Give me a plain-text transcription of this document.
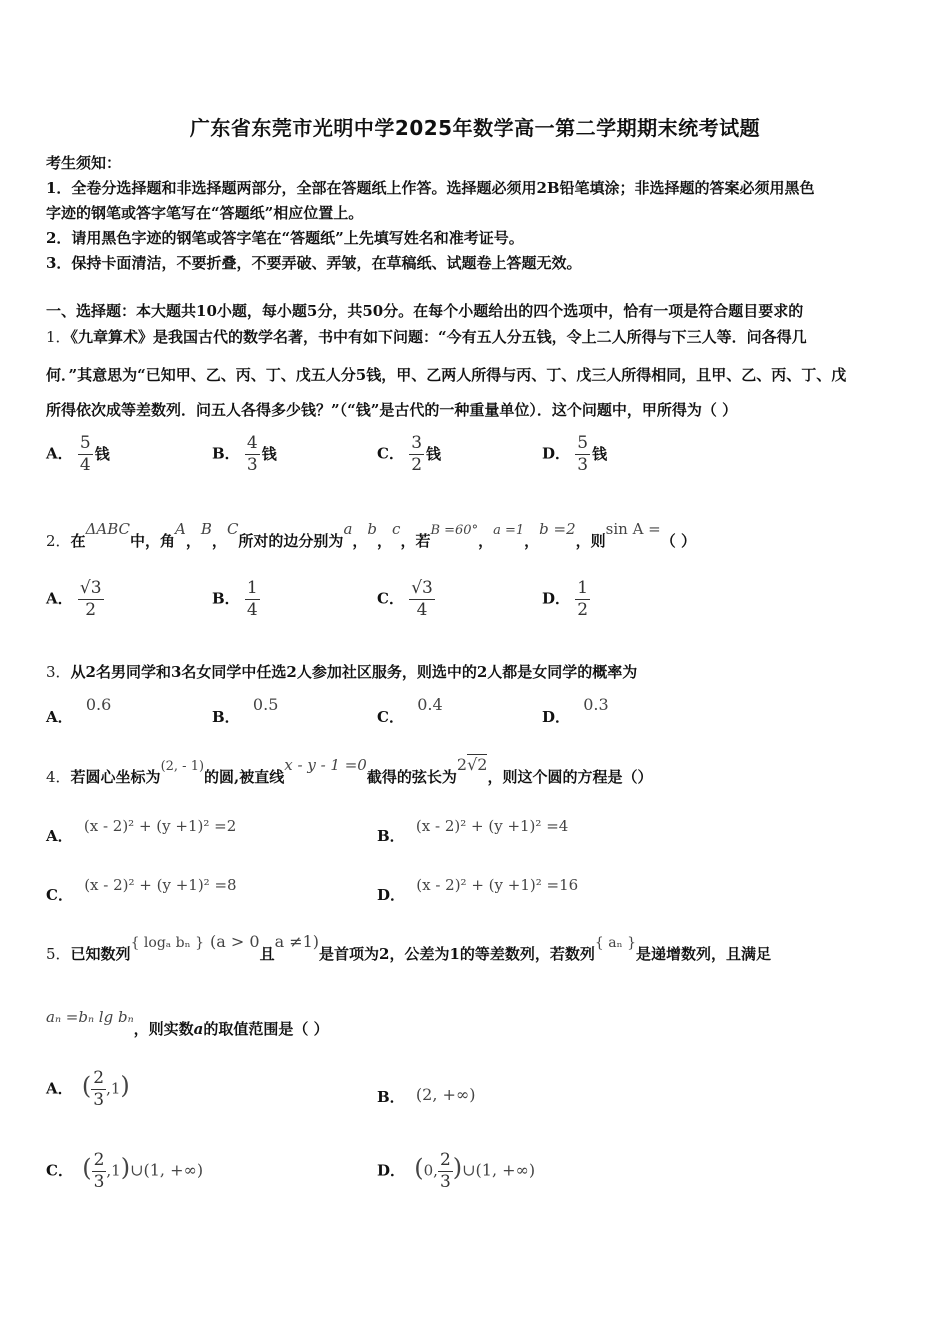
广东省东莞市光明中学2025年数学高一第二学期期末统考试题
考生须知：
1．全卷分选择题和非选择题两部分，全部在答题纸上作答。选择题必须用2B铅笔填涂；非选择题的答案必须用黑色
字迹的钢笔或答字笔写在“答题纸”相应位置上。
2．请用黑色字迹的钢笔或答字笔在“答题纸”上先填写姓名和准考证号。
3．保持卡面清洁，不要折叠，不要弄破、弄皱，在草稿纸、试题卷上答题无效。
一、选择题：本大题共10小题，每小题5分，共50分。在每个小题给出的四个选项中，恰有一项是符合题目要求的
1．《九章算术》是我国古代的数学名著，书中有如下问题：“今有五人分五钱，令上二人所得与下三人等．问各得几
何．”其意思为“已知甲、乙、丙、丁、戊五人分5钱，甲、乙两人所得与丙、丁、戊三人所得相同，且甲、乙、丙、丁、戊
所得依次成等差数列．问五人各得多少钱？”（“钱”是古代的一种重量单位）．这个问题中，甲所得为（ ）
A． $\frac{5}{4}$ 钱	B． $\frac{4}{3}$ 钱	C． $\frac{3}{2}$ 钱	D． $\frac{5}{3}$ 钱
2．在ΔABC中，角A，B，C所对的边分别为a，b，c，若B =60°，a =1，b =2，则sin A =（ ）
A． $\frac{√3}{2}$	B． $\frac{1}{4}$	C． $\frac{√3}{4}$	D． $\frac{1}{2}$
3．从2名男同学和3名女同学中任选2人参加社区服务，则选中的2人都是女同学的概率为
A． 0.6
B． 0.5
C． 0.4
D． 0.3
4．若圆心坐标为(2, - 1)的圆,被直线x - y - 1 =0截得的弦长为2√2，则这个圆的方程是（）
A． (x - 2)² + (y +1)² =2
B． (x - 2)² + (y +1)² =4
C． (x - 2)² + (y +1)² =8
D． (x - 2)² + (y +1)² =16
5．已知数列{ logₐ bₙ } (a > 0且a ≠1)是首项为2，公差为1的等差数列，若数列{ aₙ }是递增数列，且满足
aₙ =bₙ lg bₙ，则实数a的取值范围是（ ）
A． ( $\frac{2}{3} ,1$)	B． (2, +∞)
C． ( $\frac{2}{3}$ ,1)∪(1, +∞)	D． (0, $\frac{2}{3}$ )∪(1, +∞)
